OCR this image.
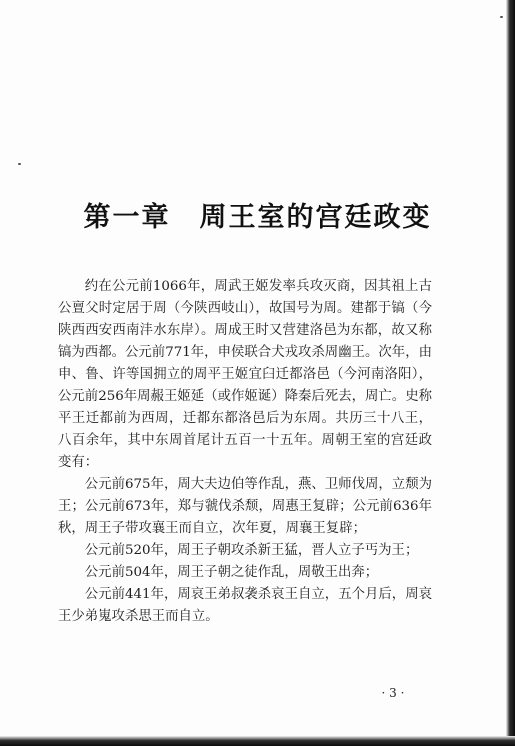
第一章　周王室的宫廷政变

约在公元前1066年，周武王姬发率兵攻灭商，因其祖上古公亶父时定居于周（今陕西岐山），故国号为周。建都于镐（今陕西西安西南沣水东岸）。周成王时又营建洛邑为东都，故又称镐为西都。公元前771年，申侯联合犬戎攻杀周幽王。次年，由申、鲁、许等国拥立的周平王姬宜臼迁都洛邑（今河南洛阳），公元前256年周赧王姬延（或作姬诞）降秦后死去，周亡。史称平王迁都前为西周，迁都东都洛邑后为东周。共历三十八王，八百余年，其中东周首尾计五百一十五年。周朝王室的宫廷政变有：

公元前675年，周大夫边伯等作乱，燕、卫师伐周，立颓为王；公元前673年，郑与虢伐杀颓，周惠王复辟；公元前636年秋，周王子带攻襄王而自立，次年夏，周襄王复辟；

公元前520年，周王子朝攻杀新王猛，晋人立子丐为王；

公元前504年，周王子朝之徒作乱，周敬王出奔；

公元前441年，周哀王弟叔袭杀哀王自立，五个月后，周哀王少弟嵬攻杀思王而自立。

· 3 ·
